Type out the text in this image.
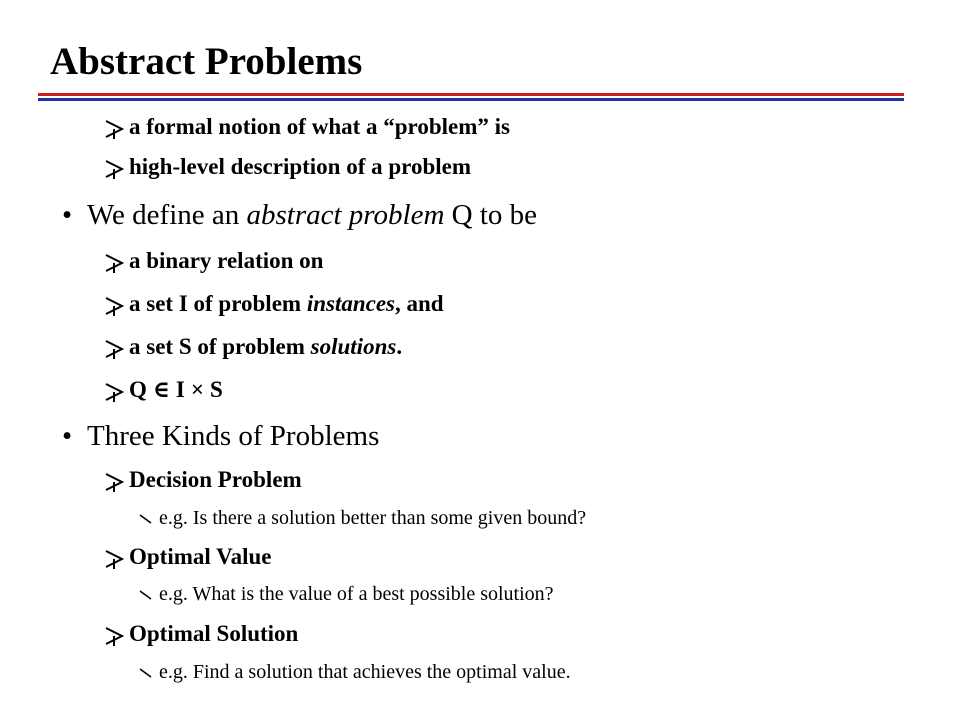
Abstract Problems
a formal notion of what a “problem” is
high-level description of a problem
• We define an abstract problem Q to be
a binary relation on
a set I of problem instances, and
a set S of problem solutions.
Q ∈ I × S
• Three Kinds of Problems
Decision Problem
e.g. Is there a solution better than some given bound?
Optimal Value
e.g. What is the value of a best possible solution?
Optimal Solution
e.g. Find a solution that achieves the optimal value.
